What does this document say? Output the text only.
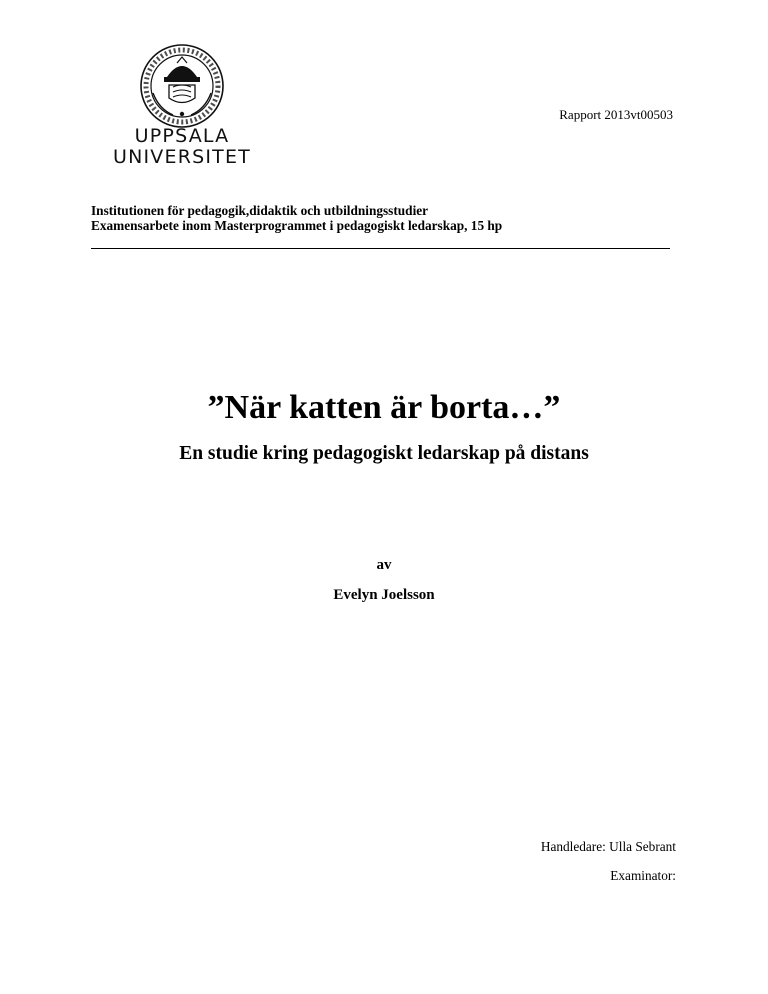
UPPSALA
UNIVERSITET
Rapport 2013vt00503
Institutionen för pedagogik,didaktik och utbildningsstudier
Examensarbete inom Masterprogrammet i pedagogiskt ledarskap, 15 hp
”När katten är borta…”
En studie kring pedagogiskt ledarskap på distans
av
Evelyn Joelsson
Handledare: Ulla Sebrant
Examinator:
